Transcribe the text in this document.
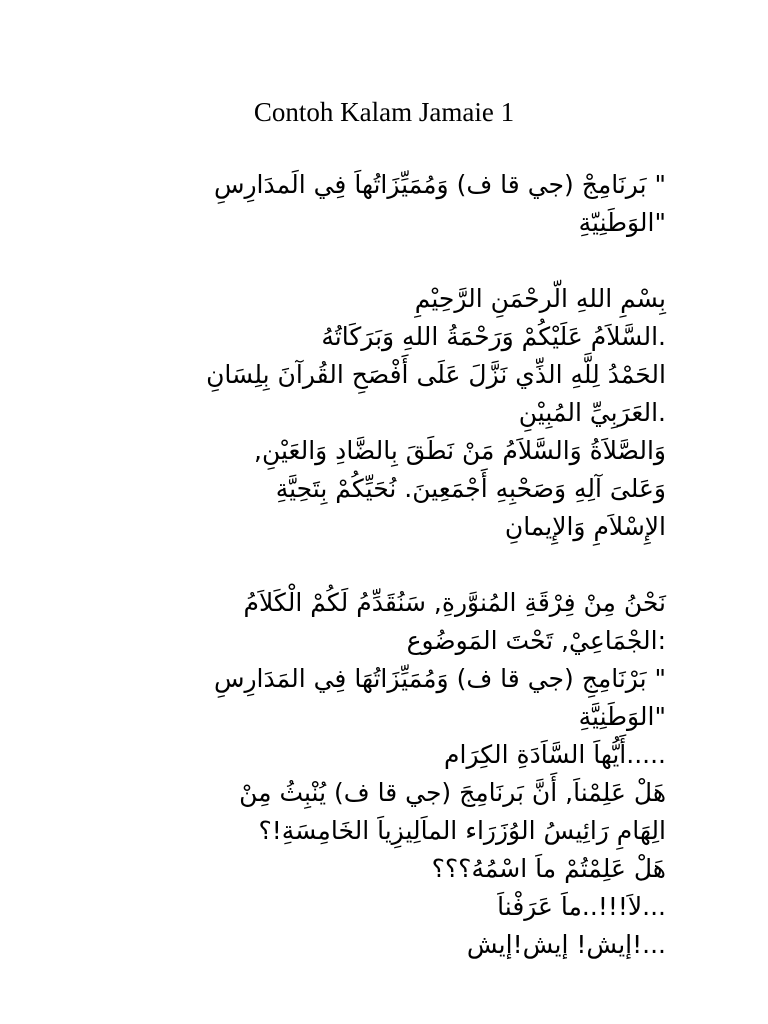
Contoh Kalam Jamaie 1
" بَرنَامِجْ (جي قا ف) وَمُمَيِّزَاتُهاَ فِي الَمدَارِسِ
"الوَطَنِيّةِ
بِسْمِ اللهِ الّرحْمَنِ الرَّحِيْمِ
.السَّلاَمُ عَلَيْكُمْ وَرَحْمَةُ اللهِ وَبَرَكَاتُهُ
الحَمْدُ لِلَّهِ الذِّي نَزَّلَ عَلَى أَفْصَحِ القُرآنَ بِلِسَانِ
.العَرَبِيِّ المُبِيْنِ
وَالصَّلاَةُ وَالسَّلاَمُ مَنْ نَطَقَ بِالضَّادِ وَالعَيْنِ,
وَعَلىَ آلِهِ وَصَحْبِهِ أَجْمَعِينَ. نُحَيِّكُمْ بِتَحِيَّةِ
الإِسْلاَمِ وَالإِيمانِ
نَحْنُ مِنْ فِرْقَةِ المُنوَّرةِ, سَنُقَدِّمُ لَكُمْ الْكَلاَمُ
:الجْمَاعِيْ, تَحْتَ المَوضُوع
" بَرْنَامِجِ (جي قا ف) وَمُمَيِّزَاتُهَا فِي المَدَارِسِ
"الوَطَنِيَّةِ
.....أَيُّهاَ السَّاَدَةِ الكِرَام
هَلْ عَلِمْناَ, أَنَّ بَرنَامِجَ (جي قا ف) يُنْبِثُ مِنْ
الِهَامِ رَائِيسُ الوُزَرَاء الماَلِيزِياَ الخَامِسَةِ!؟
هَلْ عَلِمْتُمْ ماَ اسْمُهُ؟؟؟
...لاَ!!!..ماَ عَرَفْناَ
...!إيش! إيش!إيش
